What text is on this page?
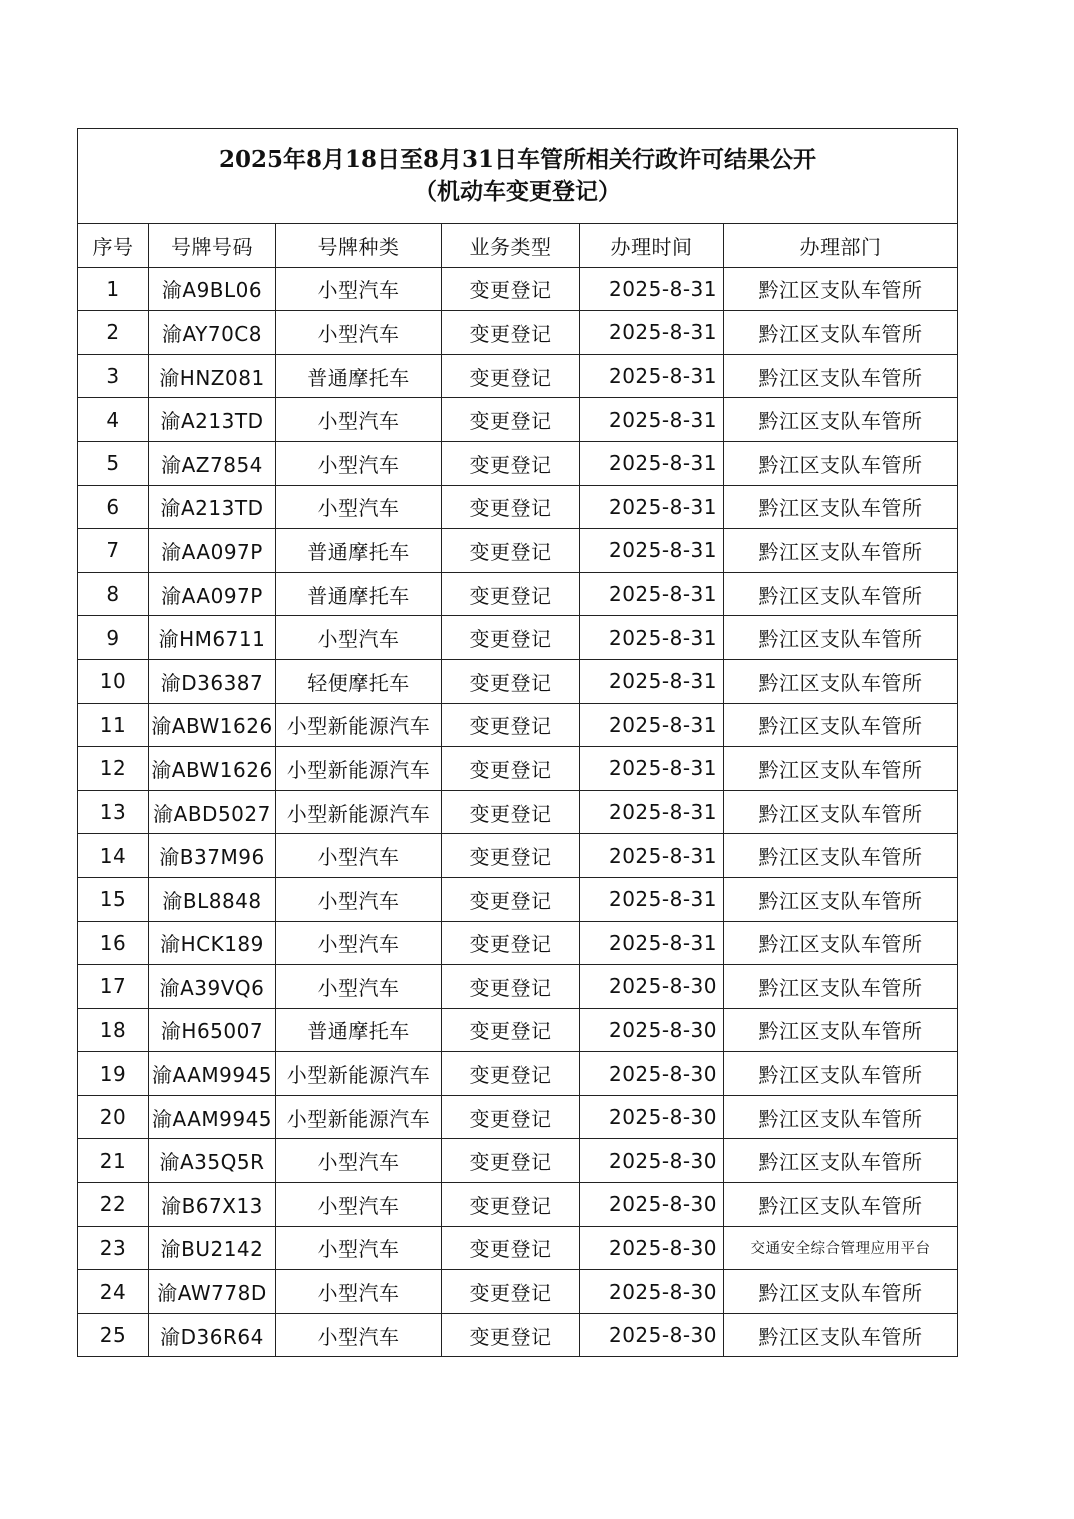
2025年8月18日至8月31日车管所相关行政许可结果公开
（机动车变更登记）					

序号	号牌号码	号牌种类	业务类型	办理时间	办理部门
1	渝A9BL06	小型汽车	变更登记	2025-8-31	黔江区支队车管所
2	渝AY70C8	小型汽车	变更登记	2025-8-31	黔江区支队车管所
3	渝HNZ081	普通摩托车	变更登记	2025-8-31	黔江区支队车管所
4	渝A213TD	小型汽车	变更登记	2025-8-31	黔江区支队车管所
5	渝AZ7854	小型汽车	变更登记	2025-8-31	黔江区支队车管所
6	渝A213TD	小型汽车	变更登记	2025-8-31	黔江区支队车管所
7	渝AA097P	普通摩托车	变更登记	2025-8-31	黔江区支队车管所
8	渝AA097P	普通摩托车	变更登记	2025-8-31	黔江区支队车管所
9	渝HM6711	小型汽车	变更登记	2025-8-31	黔江区支队车管所
10	渝D36387	轻便摩托车	变更登记	2025-8-31	黔江区支队车管所
11	渝ABW1626	小型新能源汽车	变更登记	2025-8-31	黔江区支队车管所
12	渝ABW1626	小型新能源汽车	变更登记	2025-8-31	黔江区支队车管所
13	渝ABD5027	小型新能源汽车	变更登记	2025-8-31	黔江区支队车管所
14	渝B37M96	小型汽车	变更登记	2025-8-31	黔江区支队车管所
15	渝BL8848	小型汽车	变更登记	2025-8-31	黔江区支队车管所
16	渝HCK189	小型汽车	变更登记	2025-8-31	黔江区支队车管所
17	渝A39VQ6	小型汽车	变更登记	2025-8-30	黔江区支队车管所
18	渝H65007	普通摩托车	变更登记	2025-8-30	黔江区支队车管所
19	渝AAM9945	小型新能源汽车	变更登记	2025-8-30	黔江区支队车管所
20	渝AAM9945	小型新能源汽车	变更登记	2025-8-30	黔江区支队车管所
21	渝A35Q5R	小型汽车	变更登记	2025-8-30	黔江区支队车管所
22	渝B67X13	小型汽车	变更登记	2025-8-30	黔江区支队车管所
23	渝BU2142	小型汽车	变更登记	2025-8-30	交通安全综合管理应用平台
24	渝AW778D	小型汽车	变更登记	2025-8-30	黔江区支队车管所
25	渝D36R64	小型汽车	变更登记	2025-8-30	黔江区支队车管所
